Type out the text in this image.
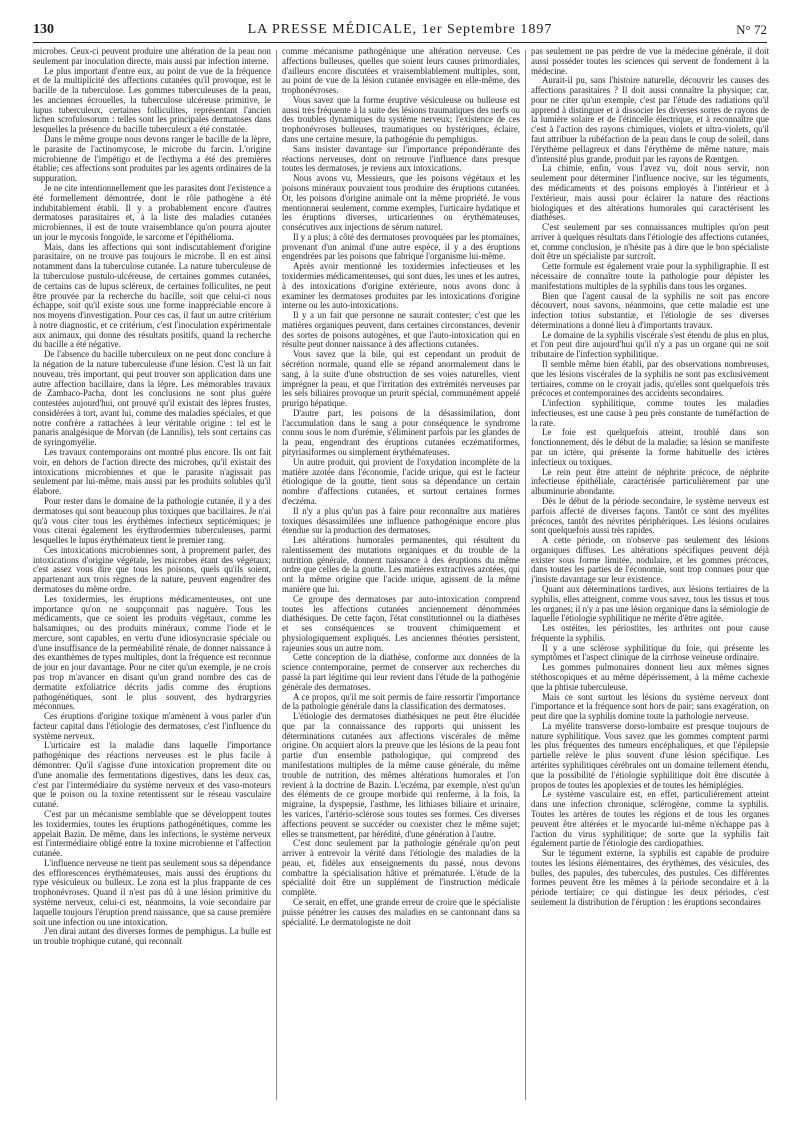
130	LA PRESSE MÉDICALE, 1er Septembre 1897	N° 72

microbes. Ceux-ci peuvent produire une altération de la peau non seulement par inoculation directe, mais aussi par infection interne.

Le plus important d'entre eux, au point de vue de la fréquence et de la multiplicité des affections cutanées qu'il provoque, est le bacille de la tuberculose. Les gommes tuberculeuses de la peau, les anciennes écrouelles, la tuberculose ulcéreuse primitive, le lupus tuberculeux, certaines folliculites, représentant l'ancien lichen scrofulosorum : telles sont les principales dermatoses dans lesquelles la présence du bacille tuberculeux a été constatée.

Dans le même groupe nous devons ranger le bacille de la lèpre, le parasite de l'actinomycose, le microbe du farcin. L'origine microbienne de l'impétigo et de l'ecthyma a été des premières établie; ces affections sont produites par les agents ordinaires de la suppuration.

Je ne cite intentionnellement que les parasites dont l'existence a été formellement démontrée, dont le rôle pathogène a été indubitablement établi. Il y a probablement encore d'autres dermatoses parasitaires et, à la liste des maladies cutanées microbiennes, il est de toute vraisemblance qu'on pourra ajouter un jour le mycosis fongoïde, le sarcome et l'épithélioma.

Mais, dans les affections qui sont indiscutablement d'origine parasitaire, on ne trouve pas toujours le microbe. Il en est ainsi notamment dans la tuberculose cutanée. La nature tuberculeuse de la tuberculose pustulo-ulcéreuse, de certaines gommes cutanées, de certains cas de lupus scléreux, de certaines folliculites, ne peut être prouvée par la recherche du bacille, soit que celui-ci nous échappe, soit qu'il existe sous une forme inappréciable encore à nos moyens d'investigation. Pour ces cas, il faut un autre critérium à notre diagnostic, et ce critérium, c'est l'inoculation expérimentale aux animaux, qui donne des résultats positifs, quand la recherche du bacille a été négative.

De l'absence du bacille tuberculeux on ne peut donc conclure à la négation de la nature tuberculeuse d'une lésion. C'est là un fait nouveau, très important, qui peut trouver son application dans une autre affection bacillaire, dans la lèpre. Les mémorables travaux de Zambaco-Pacha, dont les conclusions ne sont plus guère contestées aujourd'hui, ont prouvé qu'il existait des lèpres frustes, considérées à tort, avant lui, comme des maladies spéciales, et que notre confrère a rattachées à leur véritable origine : tel est le panaris analgésique de Morvan (de Lannilis), tels sont certains cas de syringomyélie.

Les travaux contemporains ont montré plus encore. Ils ont fait voir, en dehors de l'action directe des microbes, qu'il existait des intoxications microbiennes et que le parasite n'agissait pas seulement par lui-même, mais aussi par les produits solubles qu'il élabore.

Pour rester dans le domaine de la pathologie cutanée, il y a des dermatoses qui sont beaucoup plus toxiques que bacillaires. Je n'ai qu'à vous citer tous les érythèmes infectieux septicémiques; je vous citerai également les érythrodermies tuberculeuses, parmi lesquelles le lupus érythémateux tient le premier rang.

Ces intoxications microbiennes sont, à proprement parler, des intoxications d'origine végétale, les microbes étant des végétaux; c'est assez vous dire que tous les poisons, quels qu'ils soient, appartenant aux trois règnes de la nature, peuvent engendrer des dermatoses du même ordre.

Les toxidermies, les éruptions médicamenteuses, ont une importance qu'on ne soupçonnait pas naguère. Tous les médicaments, que ce soient les produits végétaux, comme les balsamiques, ou des produits minéraux, comme l'iode et le mercure, sont capables, en vertu d'une idiosyncrasie spéciale ou d'une insuffisance de la perméabilité rénale, de donner naissance à des exanthèmes de types multiples, dont la fréquence est reconnue de jour en jour davantage. Pour ne citer qu'un exemple, je ne crois pas trop m'avancer en disant qu'un grand nombre des cas de dermatite exfoliatrice décrits jadis comme des éruptions pathogénétiques, sont le plus souvent, des hydrargyries méconnues.

Ces éruptions d'origine toxique m'amènent à vous parler d'un facteur capital dans l'étiologie des dermatoses, c'est l'influence du système nerveux.

L'urticaire est la maladie dans laquelle l'importance pathogénique des réactions nerveuses est le plus facile à démontrer. Qu'il s'agisse d'une intoxication proprement dite ou d'une anomalie des fermentations digestives, dans les deux cas, c'est par l'intermédiaire du système nerveux et des vaso-moteurs que le poison ou la toxine retentissent sur le réseau vasculaire cutané.

C'est par un mécanisme semblable que se développent toutes les toxidermies, toutes les éruptions pathogénétiques, comme les appelait Bazin. De même, dans les infections, le système nerveux est l'intermédiaire obligé entre la toxine microbienne et l'affection cutanée.

L'influence nerveuse ne tient pas seulement sous sa dépendance des efflorescences érythémateuses, mais aussi des éruptions du type vésiculeux ou bulleux. Le zona est la plus frappante de ces trophonévroses. Quand il n'est pas dû à une lésion primitive du système nerveux, celui-ci est, néanmoins, la voie secondaire par laquelle toujours l'éruption prend naissance, que sa cause première soit une infection ou une intoxication.

J'en dirai autant des diverses formes de pemphigus. La bulle est un trouble trophique cutané, qui reconnaît

comme mécanisme pathogénique une altération nerveuse. Ces affections bulleuses, quelles que soient leurs causes primordiales, d'ailleurs encore discutées et vraisemblablement multiples, sont, au point de vue de la lésion cutanée envisagée en elle-même, des trophonévroses.

Vous savez que la forme éruptive vésiculeuse ou bulleuse est aussi très fréquente à la suite des lésions traumatiques des nerfs ou des troubles dynamiques du système nerveux; l'existence de ces trophonévroses bulleuses, traumatiques ou hystériques, éclaire, dans une certaine mesure, la pathogénie du pemphigus.

Sans insister davantage sur l'importance prépondérante des réactions nerveuses, dont on retrouve l'influence dans presque toutes les dermatoses, je reviens aux intoxications.

Nous avons vu, Messieurs, que les poisons végétaux et les poisons minéraux pouvaient tous produire des éruptions cutanées. Or, les poisons d'origine animale ont la même propriété. Je vous mentionnerai seulement, comme exemples, l'urticaire hydatique et les éruptions diverses, urticariennes ou érythémateuses, consécutives aux injections de sérum naturel.

Il y a plus; à côté des dermatoses provoquées par les ptomaïnes, provenant d'un animal d'une autre espèce, il y a des éruptions engendrées par les poisons que fabrique l'organisme lui-même.

Après avoir mentionné les toxidermies infectieuses et les toxidermies médicamenteuses, qui sont dues, les unes et les autres, à des intoxications d'origine extérieure, nous avons donc à examiner les dermatoses produites par les intoxications d'origine interne ou les auto-intoxications.

Il y a un fait que personne ne saurait contester; c'est que les matières organiques peuvent, dans certaines circonstances, devenir des sortes de poisons autogènes, et que l'auto-intoxication qui en résulte peut donner naissance à des affections cutanées.

Vous savez que la bile, qui est cependant un produit de sécrétion normale, quand elle se répand anormalement dans le sang, à la suite d'une obstruction de ses voies naturelles, vient imprégner la peau, et que l'irritation des extrémités nerveuses par les sels biliaires provoque un prurit spécial, communément appelé prurigo hépatique.

D'autre part, les poisons de la désassimilation, dont l'accumulation dans le sang a pour conséquence le syndrome connu sous le nom d'urémie, s'éliminent parfois par les glandes de la peau, engendrant des éruptions cutanées eczématiformes, pityriasiformes ou simplement érythémateuses.

Un autre produit, qui provient de l'oxydation incomplète de la matière azotée dans l'économie, l'acide urique, qui est le facteur étiologique de la goutte, tient sous sa dépendance un certain nombre d'affections cutanées, et surtout certaines formes d'eczéma.

Il n'y a plus qu'un pas à faire pour reconnaître aux matières toxiques désassimilées une influence pathogénique encore plus étendue sur la production des dermatoses.

Les altérations humorales permanentes, qui résultent du ralentissement des mutations organiques et du trouble de la nutrition générale, donnent naissance à des éruptions du même ordre que celles de la goutte. Les matières extractives azotées, qui ont la même origine que l'acide urique, agissent de la même manière que lui.

Ce groupe des dermatoses par auto-intoxication comprend toutes les affections cutanées anciennement dénommées diathésiques. De cette façon, l'état constitutionnel ou la diathèses et ses conséquences se trouvent chimiquement et physiologiquement expliqués. Les anciennes théories persistent, rajeunies sous un autre nom.

Cette conception de la diathèse, conforme aux données de la science contemporaine, permet de conserver aux recherches du passé la part légitime qui leur revient dans l'étude de la pathogénie générale des dermatoses.

A ce propos, qu'il me soit permis de faire ressortir l'importance de la pathologie générale dans la classification des dermatoses.

L'étiologie des dermatoses diathésiques ne peut être élucidée que par la connaissance des rapports qui unissent les déterminations cutanées aux affections viscérales de même origine. On acquiert alors la preuve que les lésions de la peau font partie d'un ensemble pathologique, qui comprend des manifestations multiples de la même cause générale, du même trouble de nutrition, des mêmes altérations humorales et l'on revient à la doctrine de Bazin. L'eczéma, par exemple, n'est qu'un des éléments de ce groupe morbide qui renferme, à la fois, la migraine, la dyspepsie, l'asthme, les lithiases biliaire et urinaire, les varices, l'artério-sclérose sous toutes ses formes. Ces diverses affections peuvent se succéder ou coexister chez le même sujet; elles se transmettent, par hérédité, d'une génération à l'autre.

C'est donc seulement par la pathologie générale qu'on peut arriver à entrevoir la vérité dans l'étiologie des maladies de la peau, et, fidèles aux enseignements du passé, nous devons combattre la spécialisation hâtive et prématurée. L'étude de la spécialité doit être un supplément de l'instruction médicale complète.

Ce serait, en effet, une grande erreur de croire que le spécialiste puisse pénétrer les causes des maladies en se cantonnant dans sa spécialité. Le dermatologiste ne doit

pas seulement ne pas perdre de vue la médecine générale, il doit aussi posséder toutes les sciences qui servent de fondement à la médecine.

Aurait-il pu, sans l'histoire naturelle, découvrir les causes des affections parasitaires ? Il doit aussi connaître la physique; car, pour ne citer qu'un exemple, c'est par l'étude des radiations qu'il apprend à distinguer et à dissocier les diverses sortes de rayons de la lumière solaire et de l'étincelle électrique, et à reconnaître que c'est à l'action des rayons chimiques, violets et ultra-violets, qu'il faut attribuer la rubéfaction de la peau dans le coup de soleil, dans l'érythème pellagreux et dans l'érythème de même nature, mais d'intensité plus grande, produit par les rayons de Rœntgen.

La chimie, enfin, vous l'avez vu, doit nous servir, non seulement pour déterminer l'influence nocive, sur les téguments, des médicaments et des poisons employés à l'intérieur et à l'extérieur, mais aussi pour éclairer la nature des réactions biologiques et des altérations humorales qui caractérisent les diathèses.

C'est seulement par ses connaissances multiples qu'on peut arriver à quelques résultats dans l'étiologie des affections cutanées, et, comme conclusion, je n'hésite pas à dire que le bon spécialiste doit être un spécialiste par surcroît.

Cette formule est également vraie pour la syphiligraphie. Il est nécessaire de connaître toute la pathologie pour dépister les manifestations multiples de la syphilis dans tous les organes.

Bien que l'agent causal de la syphilis ne soit pas encore découvert, nous savons, néanmoins, que cette maladie est une infection totius substantiæ, et l'étiologie de ses diverses déterminations a donné lieu à d'importants travaux.

Le domaine de la syphilis viscérale s'est étendu de plus en plus, et l'on peut dire aujourd'hui qu'il n'y a pas un organe qui ne soit tributaire de l'infection syphilitique.

Il semble même bien établi, par des observations nombreuses, que les lésions viscérales de la syphilis ne sont pas exclusivement tertiaires, comme on le croyait jadis, qu'elles sont quelquefois très précoces et contemporaines des accidents secondaires.

L'infection syphilitique, comme toutes les maladies infectieuses, est une cause à peu près constante de tuméfaction de la rate.

Le foie est quelquefois atteint, troublé dans son fonctionnement, dès le début de la maladie; sa lésion se manifeste par un ictère, qui présente la forme habituelle des ictères infectieux ou toxiques.

Le rein peut être atteint de néphrite précoce, de néphrite infectieuse épithéliale, caractérisée particulièrement par une albuminurie abondante.

Dès le début de la période secondaire, le système nerveux est parfois affecté de diverses façons. Tantôt ce sont des myélites précoces, tantôt des névrites périphériques. Les lésions oculaires sont quelquefois aussi très rapides.

A cette période, on n'observe pas seulement des lésions organiques diffuses. Les altérations spécifiques peuvent déjà exister sous forme limitée, nodulaire, et les gommes précoces, dans toutes les parties de l'économie, sont trop connues pour que j'insiste davantage sur leur existence.

Quant aux déterminations tardives, aux lésions tertiaires de la syphilis, elles atteignent, comme vous savez, tous les tissus et tous les organes; il n'y a pas une lésion organique dans la sémiologie de laquelle l'étiologie syphilitique ne mérite d'être agitée.

Les ostéites, les périostites, les arthrites ont pour cause fréquente la syphilis.

Il y a une sclérose syphilitique du foie, qui présente les symptômes et l'aspect clinique de la cirrhose veineuse ordinaire.

Les gommes pulmonaires donnent lieu aux mêmes signes stéthoscopiques et au même dépérissement, à la même cachexie que la phtisie tuberculeuse.

Mais ce sont surtout les lésions du système nerveux dont l'importance et la fréquence sont hors de pair; sans exagération, on peut dire que la syphilis domine toute la pathologie nerveuse.

La myélite transverse dorso-lombaire est presque toujours de nature syphilitique. Vous savez que les gommes comptent parmi les plus fréquentes des tumeurs encéphaliques, et que l'épilepsie partielle relève le plus souvent d'une lésion spécifique. Les artérites syphilitiques cérébrales ont un domaine tellement étendu, que la possibilité de l'étiologie syphilitique doit être discutée à propos de toutes les apoplexies et de toutes les hémiplégies.

Le système vasculaire est, en effet, particulièrement atteint dans une infection chronique, sclérogène, comme la syphilis. Toutes les artères de toutes les régions et de tous les organes peuvent être altérées et le myocarde lui-même n'échappe pas à l'action du virus syphilitique; de sorte que la syphilis fait également partie de l'étiologie des cardiopathies.

Sur le tégument externe, la syphilis est capable de produire toutes les lésions élémentaires, des érythèmes, des vésicules, des bulles, des papules, des tubercules, des pustules. Ces différentes formes peuvent être les mêmes à la période secondaire et à la période tertiaire; ce qui distingue les deux périodes, c'est seulement la distribution de l'éruption : les éruptions secondaires
